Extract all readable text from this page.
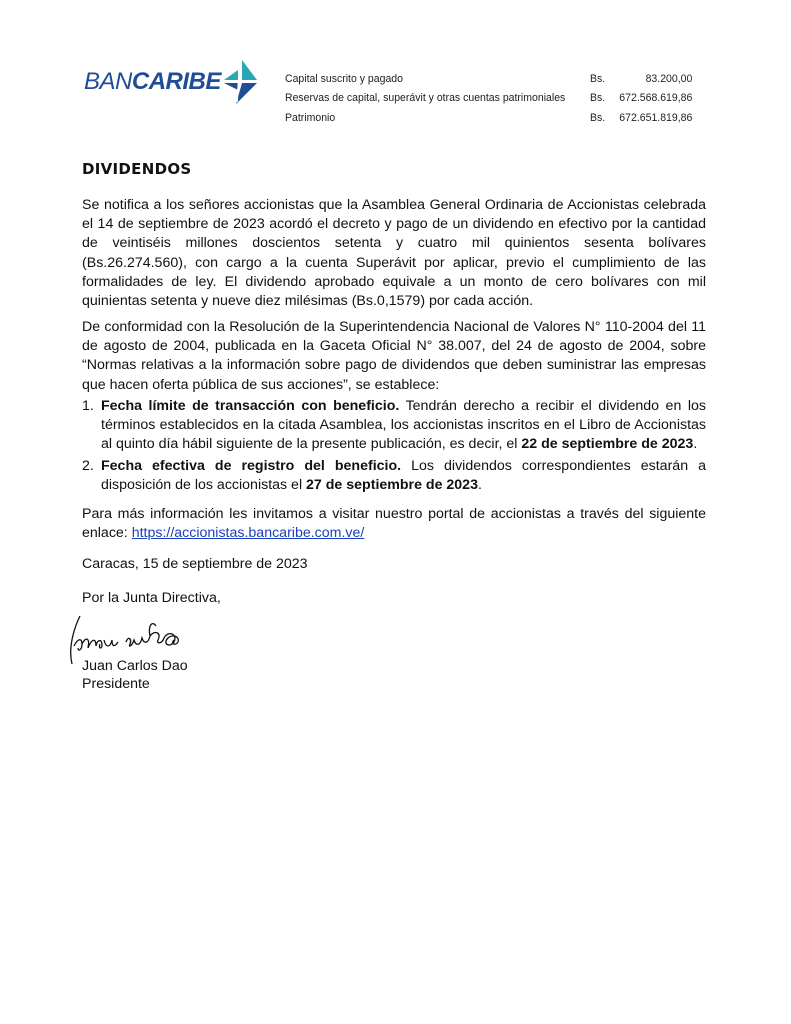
BANCARIBE	Capital suscrito y pagado	Bs.	83.200,00
Reservas de capital, superávit y otras cuentas patrimoniales	Bs.	672.568.619,86
Patrimonio	Bs.	672.651.819,86
DIVIDENDOS
Se notifica a los señores accionistas que la Asamblea General Ordinaria de Accionistas celebrada el 14 de septiembre de 2023 acordó el decreto y pago de un dividendo en efectivo por la cantidad de veintiséis millones doscientos setenta y cuatro mil quinientos sesenta bolívares (Bs.26.274.560), con cargo a la cuenta Superávit por aplicar, previo el cumplimiento de las formalidades de ley. El dividendo aprobado equivale a un monto de cero bolívares con mil quinientas setenta y nueve diez milésimas (Bs.0,1579) por cada acción.
De conformidad con la Resolución de la Superintendencia Nacional de Valores N° 110-2004 del 11 de agosto de 2004, publicada en la Gaceta Oficial N° 38.007, del 24 de agosto de 2004, sobre “Normas relativas a la información sobre pago de dividendos que deben suministrar las empresas que hacen oferta pública de sus acciones”, se establece:
1. Fecha límite de transacción con beneficio. Tendrán derecho a recibir el dividendo en los términos establecidos en la citada Asamblea, los accionistas inscritos en el Libro de Accionistas al quinto día hábil siguiente de la presente publicación, es decir, el 22 de septiembre de 2023.
2. Fecha efectiva de registro del beneficio. Los dividendos correspondientes estarán a disposición de los accionistas el 27 de septiembre de 2023.
Para más información les invitamos a visitar nuestro portal de accionistas a través del siguiente enlace: https://accionistas.bancaribe.com.ve/
Caracas, 15 de septiembre de 2023
Por la Junta Directiva,
Juan Carlos Dao
Presidente
